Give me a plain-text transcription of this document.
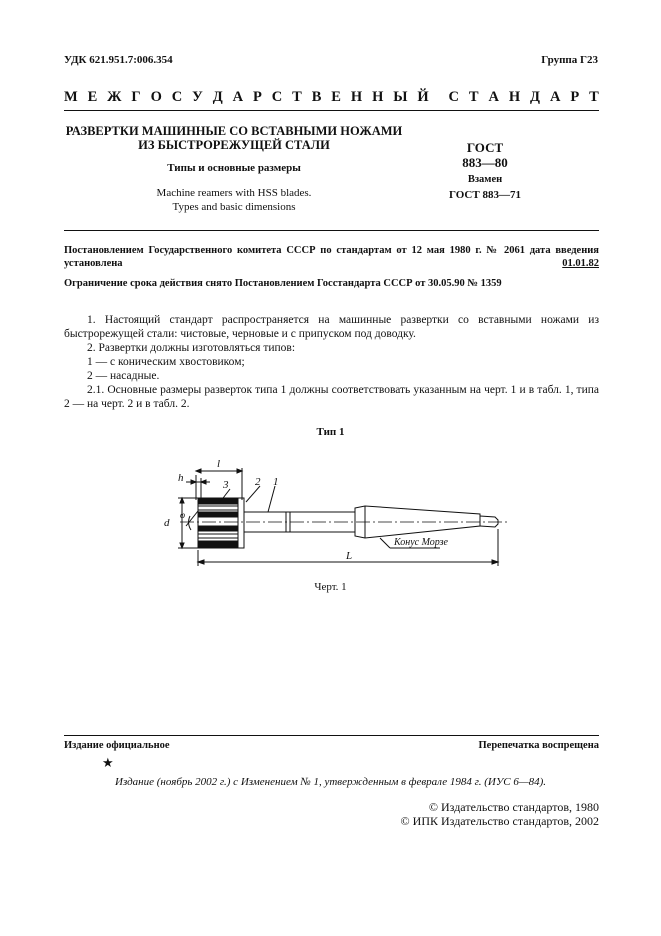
УДК 621.951.7:006.354	Группа Г23
М Е Ж Г О С У Д А Р С Т В Е Н Н Ы Й С Т А Н Д А Р Т
РАЗВЕРТКИ МАШИННЫЕ СО ВСТАВНЫМИ НОЖАМИ
ИЗ БЫСТРОРЕЖУЩЕЙ СТАЛИ
Типы и основные размеры
Machine reamers with HSS blades.
Types and basic dimensions
ГОСТ
883—80
Взамен
ГОСТ 883—71
Постановлением Государственного комитета СССР по стандартам от 12 мая 1980 г. № 2061 дата введения установлена	01.01.82
Ограничение срока действия снято Постановлением Госстандарта СССР от 30.05.90 № 1359

1. Настоящий стандарт распространяется на машинные развертки со вставными ножами из быстрорежущей стали: чистовые, черновые и с припуском под доводку.

2. Развертки должны изготовляться типов:

1 — с коническим хвостовиком;

2 — насадные.

2.1. Основные размеры разверток типа 1 должны соответствовать указанным на черт. 1 и в табл. 1, типа 2 — на черт. 2 и в табл. 2.

Тип 1
h
l
3 2 1
d
φ
L
Конус Морзе
Черт. 1
Издание официальное	Перепечатка воспрещена
★
Издание (ноябрь 2002 г.) с Изменением № 1, утвержденным в феврале 1984 г. (ИУС 6—84).
© Издательство стандартов, 1980
© ИПК Издательство стандартов, 2002
